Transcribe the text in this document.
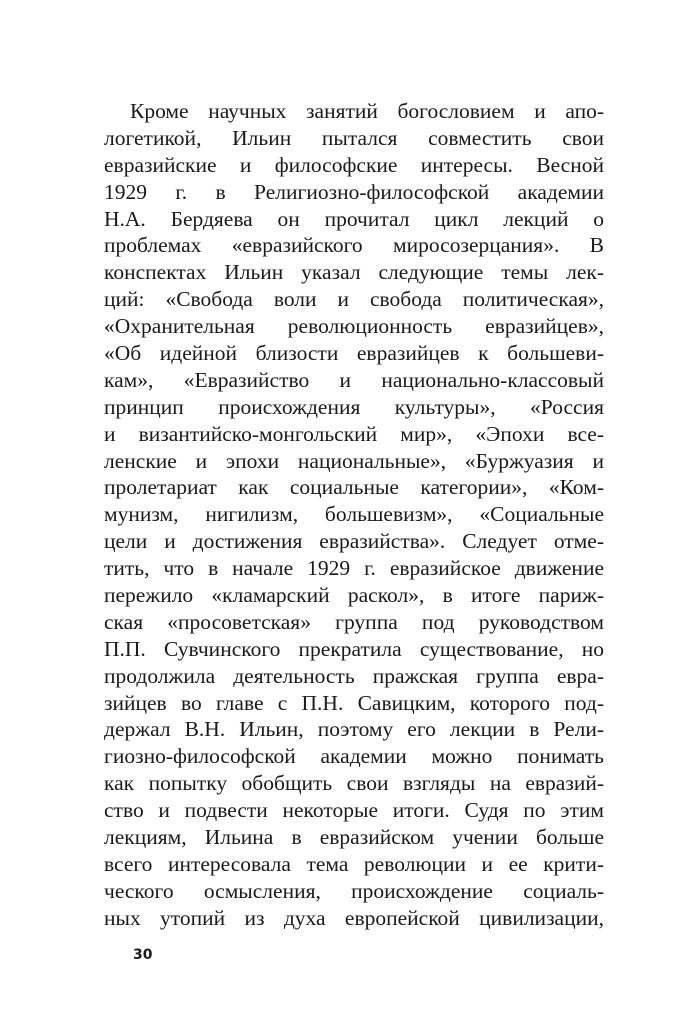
Кроме научных занятий богословием и апо-
логетикой, Ильин пытался совместить свои
евразийские и философские интересы. Весной
1929 г. в Религиозно-философской академии
Н.А. Бердяева он прочитал цикл лекций о
проблемах «евразийского миросозерцания». В
конспектах Ильин указал следующие темы лек-
ций: «Свобода воли и свобода политическая»,
«Охранительная революционность евразийцев»,
«Об идейной близости евразийцев к большеви-
кам», «Евразийство и национально-классовый
принцип происхождения культуры», «Россия
и византийско-монгольский мир», «Эпохи все-
ленские и эпохи национальные», «Буржуазия и
пролетариат как социальные категории», «Ком-
мунизм, нигилизм, большевизм», «Социальные
цели и достижения евразийства». Следует отме-
тить, что в начале 1929 г. евразийское движение
пережило «кламарский раскол», в итоге париж-
ская «просоветская» группа под руководством
П.П. Сувчинского прекратила существование, но
продолжила деятельность пражская группа евра-
зийцев во главе с П.Н. Савицким, которого под-
держал В.Н. Ильин, поэтому его лекции в Рели-
гиозно-философской академии можно понимать
как попытку обобщить свои взгляды на евразий-
ство и подвести некоторые итоги. Судя по этим
лекциям, Ильина в евразийском учении больше
всего интересовала тема революции и ее крити-
ческого осмысления, происхождение социаль-
ных утопий из духа европейской цивилизации,

30
